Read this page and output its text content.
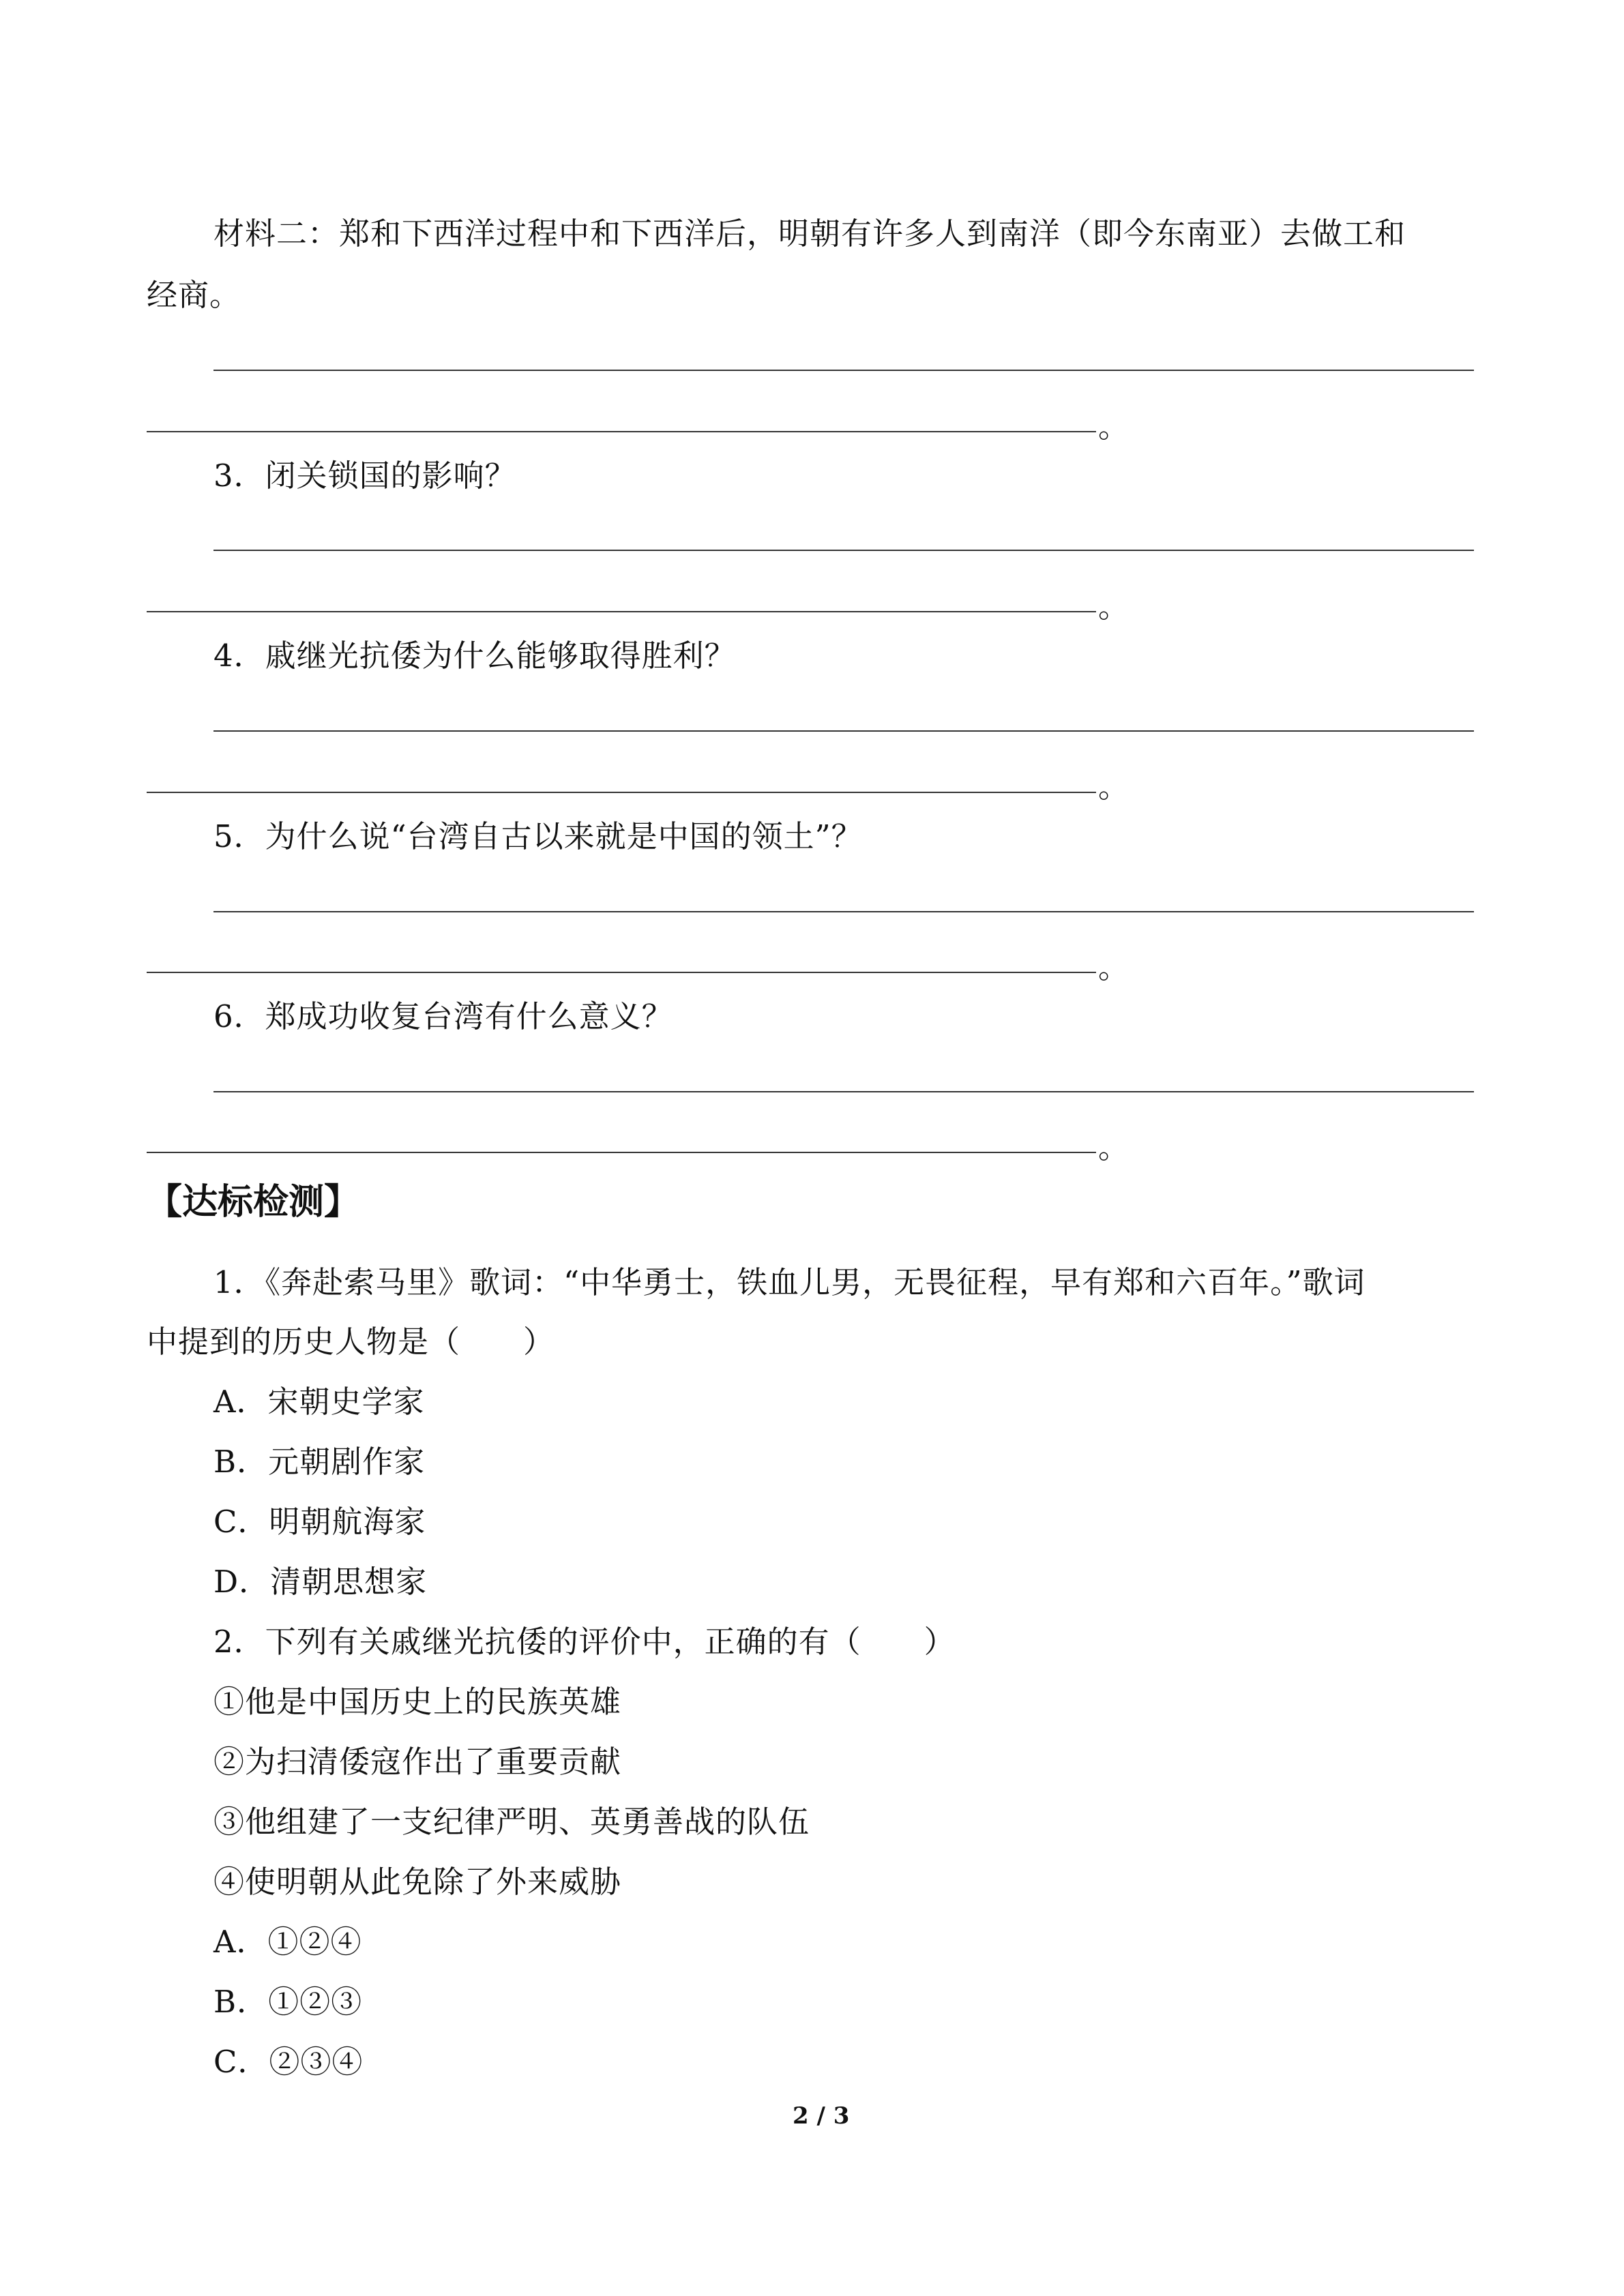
材料二：郑和下西洋过程中和下西洋后，明朝有许多人到南洋（即今东南亚）去做工和
经商。
。
3．闭关锁国的影响？
。
4．戚继光抗倭为什么能够取得胜利？
。
5．为什么说“台湾自古以来就是中国的领土”？
。
6．郑成功收复台湾有什么意义？
。
【达标检测】
1．《奔赴索马里》歌词：“中华勇士，铁血儿男，无畏征程，早有郑和六百年。”歌词
中提到的历史人物是（　　）
A．宋朝史学家
B．元朝剧作家
C．明朝航海家
D．清朝思想家
2．下列有关戚继光抗倭的评价中，正确的有（　　）
①他是中国历史上的民族英雄
②为扫清倭寇作出了重要贡献
③他组建了一支纪律严明、英勇善战的队伍
④使明朝从此免除了外来威胁
A．①②④
B．①②③
C．②③④
2 / 3
